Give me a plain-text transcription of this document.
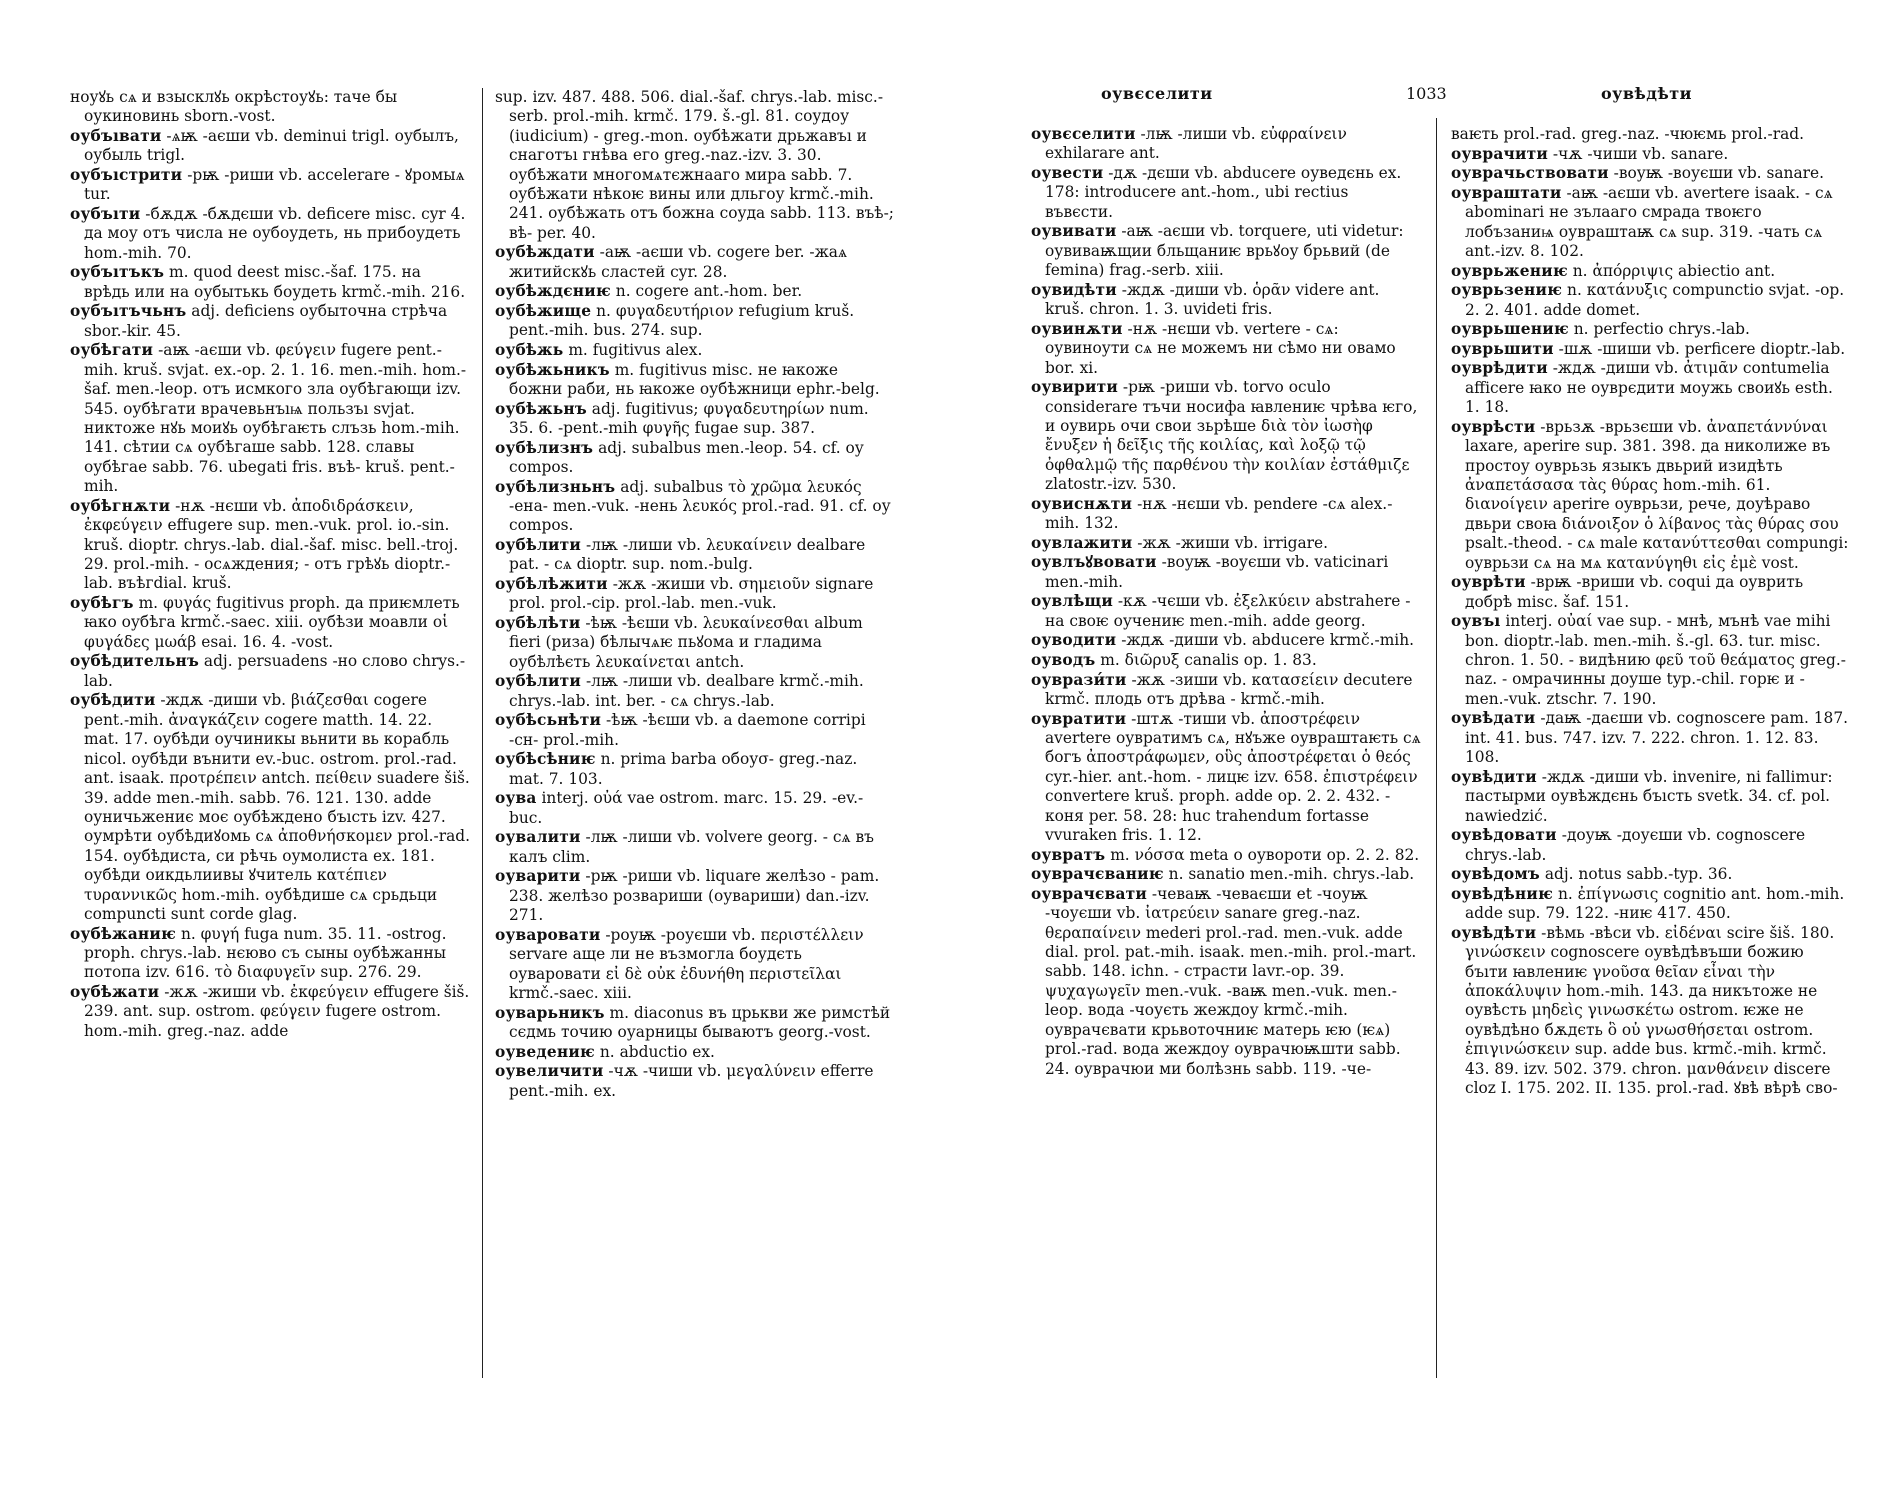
ноуꙋь сѧ и взысклꙋь окрѣстоуꙋь: таче бы оукиновинь sborn.-vost.
оубъıвати -ѧѭ -аєши vb. deminui trigl. оубылъ, оубыль trigl.
оубъıстрити -рѭ -риши vb. accelerare - ꙋромыѧ tur.
оубъıти -бѫдѫ -бѫдєши vb. deficere misc. cyr 4. да моу отъ числа не оубоудеть, нь прибоудеть hom.-mih. 70.
оубъıтъкъ m. quod deest misc.-šaf. 175. на врѣдь или на оубытькь боудеть krmč.-mih. 216.
оубъıтъчьнъ adj. deficiens оубыточна стрѣча sbor.-kir. 45.
оубѣгати -аѭ -аєши vb. φεύγειν fugere pent.-mih. kruš. svjat. ex.-op. 2. 1. 16. men.-mih. hom.-šaf. men.-leop. отъ исмкого зла оубѣгающи izv. 545. оубѣгати врачевьнъıѩ пользъı svjat. никтоже нꙋь моиꙋь оубѣгаѥть слъзь hom.-mih. 141. сѣтии сѧ оубѣгаше sabb. 128. славы оубѣгае sabb. 76. ubegati fris. въѣ- kruš. pent.-mih.
оубѣгнѫти -нѫ -нєши vb. ἀποδιδράσκειν, ἐκφεύγειν effugere sup. men.-vuk. prol. io.-sin. kruš. dioptr. chrys.-lab. dial.-šaf. misc. bell.-troj. 29. prol.-mih. - осѧждения; - отъ грѣꙋь dioptr.-lab. въѣгdial. kruš.
оубѣгъ m. φυγάς fugitivus proph. да приѥмлеть ꙗко оубѣга krmč.-saec. xiii. оубѣзи моавли οἱ φυγάδες μωάβ esai. 16. 4. -vost.
оубѣдительнъ adj. persuadens -но слово chrys.-lab.
оубѣдити -ждѫ -диши vb. βιάζεσθαι cogere pent.-mih. ἀναγκάζειν cogere matth. 14. 22. mat. 17. оубѣди оучиникы вьнити вь корабль nicol. оубѣди вънити ev.-buc. ostrom. prol.-rad. ant. isaak. προτρέπειν antch. πείθειν suadere šiš. 39. adde men.-mih. sabb. 76. 121. 130. adde оуничьжениє моє оубѣждено бъıсть izv. 427. оумрѣти оубѣдиꙋомь сѧ ἀποθνήσκομεν prol.-rad. 154. оубѣдиста, си рѣчь оумолиста ex. 181. оубѣди оикдьлиивы ꙋчитель κατέπιεν τυραννικῶς hom.-mih. оубѣдише сѧ срьдьци compuncti sunt corde glag.
оубѣжаниѥ n. φυγή fuga num. 35. 11. -ostrog. proph. chrys.-lab. нєюво съ сыны оубѣжанны потопа izv. 616. τὸ διαφυγεῖν sup. 276. 29.
оубѣжати -жѫ -жиши vb. ἐκφεύγειν effugere šiš. 239. ant. sup. ostrom. φεύγειν fugere ostrom. hom.-mih. greg.-naz. adde
sup. izv. 487. 488. 506. dial.-šaf. chrys.-lab. misc.-serb. prol.-mih. krmč. 179. š.-gl. 81. соудоу (iudicium) - greg.-mon. оубѣжати дрьжавъı и снаготъı гнѣва его greg.-naz.-izv. 3. 30. оубѣжати многомѧтєжнааго мира sabb. 7. оубѣжати нѣкоѥ вины или дльгоу krmč.-mih. 241. оубѣжать отъ божна соуда sabb. 113. въѣ-; вѣ- per. 40.
оубѣждати -аѭ -аєши vb. cogere ber. -жаѧ житийскꙋь сластей cyr. 28.
оубѣждєниѥ n. cogere ant.-hom. ber.
оубѣжище n. φυγαδευτήριον refugium kruš. pent.-mih. bus. 274. sup.
оубѣжь m. fugitivus alex.
оубѣжьникъ m. fugitivus misc. не ꙗкоже божни раби, нь ꙗкоже оубѣжници ephr.-belg.
оубѣжьнъ adj. fugitivus; φυγαδευτηρίων num. 35. 6. -pent.-mih φυγῆς fugae sup. 387.
оубѣлизнъ adj. subalbus men.-leop. 54. cf. оу compos.
оубѣлизньнъ adj. subalbus τὸ χρῶμα λευκός -ена- men.-vuk. -нень λευκός prol.-rad. 91. cf. оу compos.
оубѣлити -лѭ -лиши vb. λευκαίνειν dealbare pat. - сѧ dioptr. sup. nom.-bulg.
оубѣлѣжити -жѫ -жиши vb. σημειοῦν signare prol. prol.-cip. prol.-lab. men.-vuk.
оубѣлѣти -ѣѭ -ѣєши vb. λευκαίνεσθαι album fieri (риза) бѣлычѧѥ пьꙋома и гладима оубѣлѣєть λευκαίνεται antch.
оубѣлити -лѭ -лиши vb. dealbare krmč.-mih. chrys.-lab. int. ber. - сѧ chrys.-lab.
оубѣсьнѣти -ѣѭ -ѣєши vb. a daemone corripi -сн- prol.-mih.
оубѣсѣниѥ n. prima barba обоуσ- greg.-naz. mat. 7. 103.
оува interj. οὐά vae ostrom. marc. 15. 29. -ev.-buc.
оувалити -лѭ -лиши vb. volvere georg. - сѧ въ калъ clim.
оуварити -рѭ -риши vb. liquare желѣзо - pam. 238. желѣзо розвариши (оувариши) dan.-izv. 271.
оуваровати -роуѭ -роуєши vb. περιστέλλειν servare аще ли не възмогла боудєть оуваровати εἰ δὲ οὐκ ἐδυνήθη περιστεῖλαι krmč.-saec. xiii.
оуварьникъ m. diaconus въ црькви же римстѣй сєдмь точию оуарницы бываютъ georg.-vost.
оуведениѥ n. abductio ex.
оувеличити -чѫ -чиши vb. μεγαλύνειν efferre pent.-mih. ex.
оувєселити	1033	оувѣдѣти
оувєселити -лѭ -лиши vb. εὐφραίνειν exhilarare ant.
оувести -дѫ -дєши vb. abducere оуведєнь ex. 178: introducere ant.-hom., ubi rectius въвєсти.
оувивати -аѭ -аєши vb. torquere, uti videtur: оувиваѭщии бльщаниѥ врьꙋоу брьвий (de femina) frag.-serb. xiii.
оувидѣти -ждѫ -диши vb. ὁρᾶν videre ant. kruš. chron. 1. 3. uvideti fris.
оувинѫти -нѫ -нєши vb. vertere - сѧ: оувиноути сѧ не можемъ ни сѣмо ни овамо bor. xi.
оувирити -рѭ -риши vb. torvo oculo considerare тъчи носифа ꙗвлениѥ чрѣва ѥго, и оувирь очи свои зьрѣше διὰ τὸν ἰωσὴφ ἔνυξεν ἡ δεῖξις τῆς κοιλίας, καὶ λοξῷ τῷ ὀφθαλμῷ τῆς παρθένου τὴν κοιλίαν ἐστάθμιζε zlatostr.-izv. 530.
оувиснѫти -нѫ -нєши vb. pendere -сѧ alex.-mih. 132.
оувлажити -жѫ -жиши vb. irrigare.
оувлъꙋвовати -воуѭ -воуєши vb. vaticinari men.-mih.
оувлѣщи -кѫ -чєши vb. ἐξελκύειν abstrahere - на своѥ оучениѥ men.-mih. adde georg.
оуводити -ждѫ -диши vb. abducere krmč.-mih.
оуводъ m. διῶρυξ canalis op. 1. 83.
оуврази́ти -жѫ -зиши vb. κατασείειν decutere krmč. плодь отъ дрѣва - krmč.-mih.
оувратити -штѫ -тиши vb. ἀποστρέφειν avertere оувратимъ сѧ, нꙋъже оувраштаѥть сѧ богъ ἀποστράφωμεν, οὓς ἀποστρέφεται ὁ θεός cyr.-hier. ant.-hom. - лицѥ izv. 658. ἐπιστρέφειν convertere kruš. proph. adde op. 2. 2. 432. - коня per. 58. 28: huc trahendum fortasse vvuraken fris. 1. 12.
оувратъ m. νόσσα meta о оувороти op. 2. 2. 82.
оуврачєваниѥ n. sanatio men.-mih. chrys.-lab.
оуврачєвати -чеваѭ -чеваєши et -чоуѭ -чоуєши vb. ἰατρεύειν sanare greg.-naz. θεραπαίνειν mederi prol.-rad. men.-vuk. adde dial. prol. pat.-mih. isaak. men.-mih. prol.-mart. sabb. 148. ichn. - страсти lavr.-op. 39. ψυχαγωγεῖν men.-vuk. -ваѭ men.-vuk. men.-leop. вода -чоуєть жеждоу krmč.-mih. оуврачєвати крьвоточниѥ матерь ѥю (ѥѧ) prol.-rad. вода жеждоу оуврачюѭшти sabb. 24. оуврачюи ми болѣзнь sabb. 119. -че-
ваѥть prol.-rad. greg.-naz. -чюѥмь prol.-rad.
оуврачити -чѫ -чиши vb. sanare.
оуврачьствовати -воуѭ -воуєши vb. sanare.
оувраштати -аѭ -аєши vb. avertere isaak. - сѧ abominari не зълаагo смрада твоѥго лобъзаниѩ оувраштаѭ сѧ sup. 319. -чать сѧ ant.-izv. 8. 102.
оуврьжениѥ n. ἀπόρριψις abiectio ant.
оуврьзениѥ n. κατάνυξις compunctio svjat. -op. 2. 2. 401. adde domet.
оуврьшениѥ n. perfectio chrys.-lab.
оуврьшити -шѫ -шиши vb. perficere dioptr.-lab.
оуврѣдити -ждѫ -диши vb. ἀτιμᾶν contumelia afficere ꙗко не оуврєдити моужь своиꙋь esth. 1. 18.
оуврѣсти -врьзѫ -врьзєши vb. ἀναπετάννύναι laxare, aperire sup. 381. 398. да николиже въ простоу оуврьзь языкъ двьрий изидѣть ἀναπετάσασα τὰς θύρας hom.-mih. 61. διανοίγειν aperire оуврьзи, рече, доуѣраво двьри своꙗ διάνοιξον ὁ λίβανος τὰς θύρας σου psalt.-theod. - сѧ male κατανύττεσθαι compungi: оуврьзи сѧ на мѧ κατανύγηθι εἰς ἐμὲ vost.
оуврѣти -врѭ -вриши vb. coqui да оуврить добрѣ misc. šaf. 151.
оувъı interj. οὐαί vae sup. - мнѣ, мънѣ vae mihi bon. dioptr.-lab. men.-mih. š.-gl. 63. tur. misc. chron. 1. 50. - видѣнию φεῦ τοῦ θεάματος greg.-naz. - омрачинны доуше typ.-chil. горѥ и - men.-vuk. ztschr. 7. 190.
оувѣдати -даѭ -даєши vb. cognoscere pam. 187. int. 41. bus. 747. izv. 7. 222. chron. 1. 12. 83. 108.
оувѣдити -ждѫ -диши vb. invenire, ni fallimur: пастырми оувѣждєнь бъıсть svetk. 34. cf. pol. nawiedzić.
оувѣдовати -доуѭ -доуєши vb. cognoscere chrys.-lab.
оувѣдомъ adj. notus sabb.-typ. 36.
оувѣдѣниѥ n. ἐπίγνωσις cognitio ant. hom.-mih. adde sup. 79. 122. -ниѥ 417. 450.
оувѣдѣти -вѣмь -вѣси vb. εἰδέναι scire šiš. 180. γινώσκειν cognoscere оувѣдѣвъши божию бъıти ꙗвлениѥ γνοῦσα θεῖαν εἶναι τὴν ἀποκάλυψιν hom.-mih. 143. да никътоже не оувѣсть μηδεὶς γινωσκέτω ostrom. ѥже не оувѣдѣно бѫдєть ὃ οὐ γνωσθήσεται ostrom. ἐπιγινώσκειν sup. adde bus. krmč.-mih. krmč. 43. 89. izv. 502. 379. chron. μανθάνειν discere cloz I. 175. 202. II. 135. prol.-rad. ꙋвѣ вѣрѣ сво-
